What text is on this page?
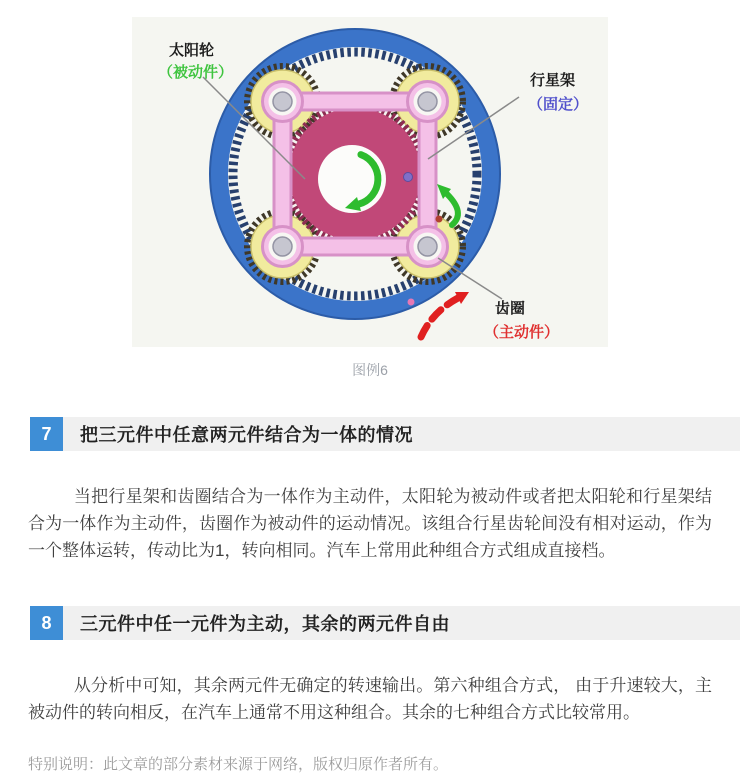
太阳轮
（被动件）	行星架
（固定）
齿圈
（主动件）
图例6
7	把三元件中任意两元件结合为一体的情况

当把行星架和齿圈结合为一体作为主动件，太阳轮为被动件或者把太阳轮和行星架结合为一体作为主动件，齿圈作为被动件的运动情况。该组合行星齿轮间没有相对运动，作为一个整体运转，传动比为1，转向相同。汽车上常用此种组合方式组成直接档。

8	三元件中任一元件为主动，其余的两元件自由

从分析中可知，其余两元件无确定的转速输出。第六种组合方式， 由于升速较大，主被动件的转向相反，在汽车上通常不用这种组合。其余的七种组合方式比较常用。

特别说明：此文章的部分素材来源于网络，版权归原作者所有。
